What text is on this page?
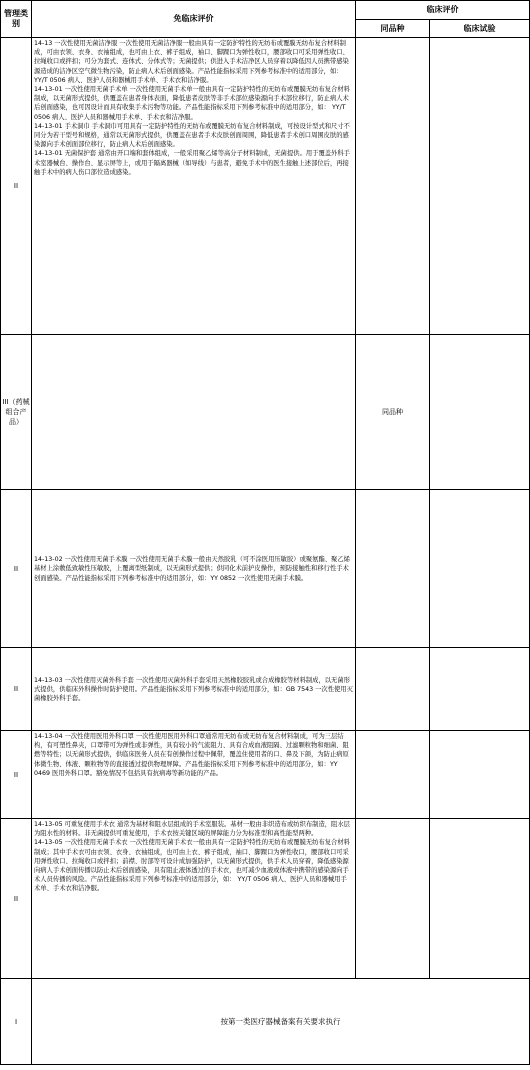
管理类别	免临床评价	临床评价	
		同品种	临床试验
II	14-13 一次性使用无菌洁净服 一次性使用无菌洁净服一般由具有一定防护特性的无纺布或覆膜无纺布复合材料制成，可由衣领、衣身、衣袖组成，也可由上衣、裤子组成，袖口、脚踝口为弹性收口，腰部收口可采用弹性收口、拉绳收口或拌扣；可分为套式、连体式、分体式等；无菌提供；供进入手术洁净区人员穿着以降低因人员携带感染源造成的洁净区空气微生物污染，防止病人术后创面感染。产品性能指标采用下列参考标准中的适用部分，如： YY/T 0506 病人、医护人员和器械用手术单、手术衣和洁净服。

14-13-01 一次性使用无菌手术单 一次性使用无菌手术单一般由具有一定防护特性的无纺布或覆膜无纺布复合材料制成，以无菌形式提供，供覆盖在患者身体表面，降低患者皮肤等非手术部位感染源向手术部位移行，防止病人术后创面感染，也可因设计而具有收集手术污物等功能。产品性能指标采用下列参考标准中的适用部分，如： YY/T 0506 病人、医护人员和器械用手术单、手术衣和洁净服。

14-13-01 手术洞巾 手术洞巾可用具有一定防护特性的无纺布或覆膜无纺布复合材料制成，可按设计型式和尺寸不同分为若干型号和规格，通常以无菌形式提供，供覆盖在患者手术皮肤创面周围，降低患者手术创口周围皮肤的感染源向手术创面部位移行，防止病人术后创面感染。

14-13-01 无菌保护套 通常由开口端和套体组成，一般采用聚乙烯等高分子材料制成，无菌提供。用于覆盖外科手术室器械台、操作台、显示屏等上，或用于隔离器械（如导线）与患者，避免手术中的医生接触上述部位后，再接触手术中的病人伤口部位造成感染。		

III（药械组合产品）		同品种	
II	14-13-02 一次性使用无菌手术膜 一次性使用无菌手术膜一般由天然胶乳（可不涂医用压敏胶）或聚氨酯、聚乙烯基材上涂敷低致敏性压敏胶，上覆离型纸制成，以无菌形式提供；供同化术前护皮操作，预防接触性和移行性手术创面感染。产品性能指标采用下列参考标准中的适用部分，如：YY 0852 一次性使用无菌手术膜。		

II	14-13-03 一次性使用灭菌外科手套 一次性使用灭菌外科手套采用天然橡胶胶乳或合成橡胶等材料制成，以无菌形式提供，供临床外科操作时防护使用。产品性能指标采用下列参考标准中的适用部分，如：GB 7543 一次性使用灭菌橡胶外科手套。		

II	14-13-04 一次性使用医用外科口罩 一次性使用医用外科口罩通常用无纺布或无纺布复合材料制成，可为三层结构，有可塑性鼻夹，口罩带可为弹性或非弹性，具有较小的气流阻力、具有合成血液阻隔、过滤颗粒物和细菌、阻燃等特性；以无菌形式提供，供临床医务人员在有创操作过程中佩带，覆盖住使用者的口、鼻及下颌，为防止病原体微生物、体液、颗粒物等的直接透过提供物理屏障。产品性能指标采用下列参考标准中的适用部分，如：YY 0469 医用外科口罩。豁免情况不包括具有抗病毒等新功能的产品。		

II	14-13-05 可重复使用手术衣 通常为基材和阻水层组成的手术室服装。基材一般由非织造布或纺织布制造，阻水层为阻水性的材料。非无菌提供可重复使用，手术衣按关键区域的屏障能力分为标准型和高性能型两种。

14-13-05 一次性使用无菌手术衣 一次性使用无菌手术衣一般由具有一定防护特性的无纺布或覆膜无纺布复合材料制成；其中手术衣可由衣领、衣身、衣袖组成，也可由上衣、裤子组成，袖口、脚踝口为弹性收口，腰部收口可采用弹性收口、拉绳收口或拌扣；前襟、肘部等可设计成加强防护，以无菌形式提供，供手术人员穿着，降低感染源向病人手术创面传播以防止术后创面感染，具有阻止液体透过的手术衣，也可减少血液或体液中携带的感染源向手术人员传播的风险。产品性能指标采用下列参考标准中的适用部分，如： YY/T 0506 病人、医护人员和器械用手术单、手术衣和洁净服。		

I	按第一类医疗器械备案有关要求执行		
